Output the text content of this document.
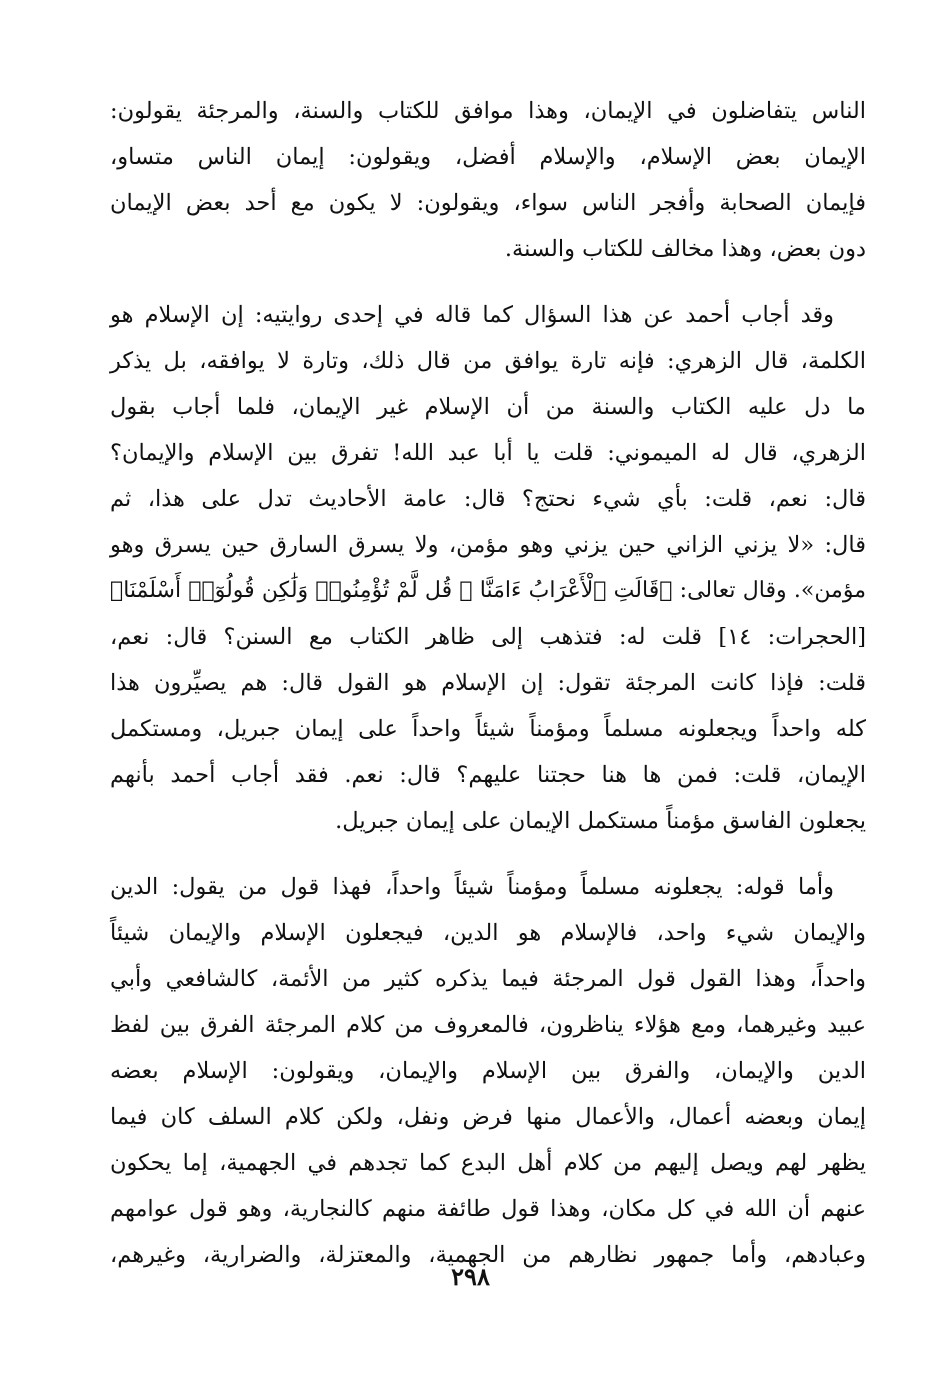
الناس يتفاضلون في الإيمان، وهذا موافق للكتاب والسنة، والمرجئة يقولون:
الإيمان بعض الإسلام، والإسلام أفضل، ويقولون: إيمان الناس متساو،
فإيمان الصحابة وأفجر الناس سواء، ويقولون: لا يكون مع أحد بعض الإيمان
دون بعض، وهذا مخالف للكتاب والسنة.
وقد أجاب أحمد عن هذا السؤال كما قاله في إحدى روايتيه: إن الإسلام هو
الكلمة، قال الزهري: فإنه تارة يوافق من قال ذلك، وتارة لا يوافقه، بل يذكر
ما دل عليه الكتاب والسنة من أن الإسلام غير الإيمان، فلما أجاب بقول
الزهري، قال له الميموني: قلت يا أبا عبد الله! تفرق بين الإسلام والإيمان؟
قال: نعم، قلت: بأي شيء نحتج؟ قال: عامة الأحاديث تدل على هذا، ثم
قال: «لا يزني الزاني حين يزني وهو مؤمن، ولا يسرق السارق حين يسرق وهو
مؤمن». وقال تعالى: ﴿قَالَتِ ٱلْأَعْرَابُ ءَامَنَّا ۖ قُل لَّمْ تُؤْمِنُوا۟ وَلَٰكِن قُولُوٓا۟ أَسْلَمْنَا﴾
[الحجرات: ١٤] قلت له: فتذهب إلى ظاهر الكتاب مع السنن؟ قال: نعم،
قلت: فإذا كانت المرجئة تقول: إن الإسلام هو القول قال: هم يصيِّرون هذا
كله واحداً ويجعلونه مسلماً ومؤمناً شيئاً واحداً على إيمان جبريل، ومستكمل
الإيمان، قلت: فمن ها هنا حجتنا عليهم؟ قال: نعم. فقد أجاب أحمد بأنهم
يجعلون الفاسق مؤمناً مستكمل الإيمان على إيمان جبريل.
وأما قوله: يجعلونه مسلماً ومؤمناً شيئاً واحداً، فهذا قول من يقول: الدين
والإيمان شيء واحد، فالإسلام هو الدين، فيجعلون الإسلام والإيمان شيئاً
واحداً، وهذا القول قول المرجئة فيما يذكره كثير من الأئمة، كالشافعي وأبي
عبيد وغيرهما، ومع هؤلاء يناظرون، فالمعروف من كلام المرجئة الفرق بين لفظ
الدين والإيمان، والفرق بين الإسلام والإيمان، ويقولون: الإسلام بعضه
إيمان وبعضه أعمال، والأعمال منها فرض ونفل، ولكن كلام السلف كان فيما
يظهر لهم ويصل إليهم من كلام أهل البدع كما تجدهم في الجهمية، إما يحكون
عنهم أن الله في كل مكان، وهذا قول طائفة منهم كالنجارية، وهو قول عوامهم
وعبادهم، وأما جمهور نظارهم من الجهمية، والمعتزلة، والضرارية، وغيرهم،
٢٩٨
